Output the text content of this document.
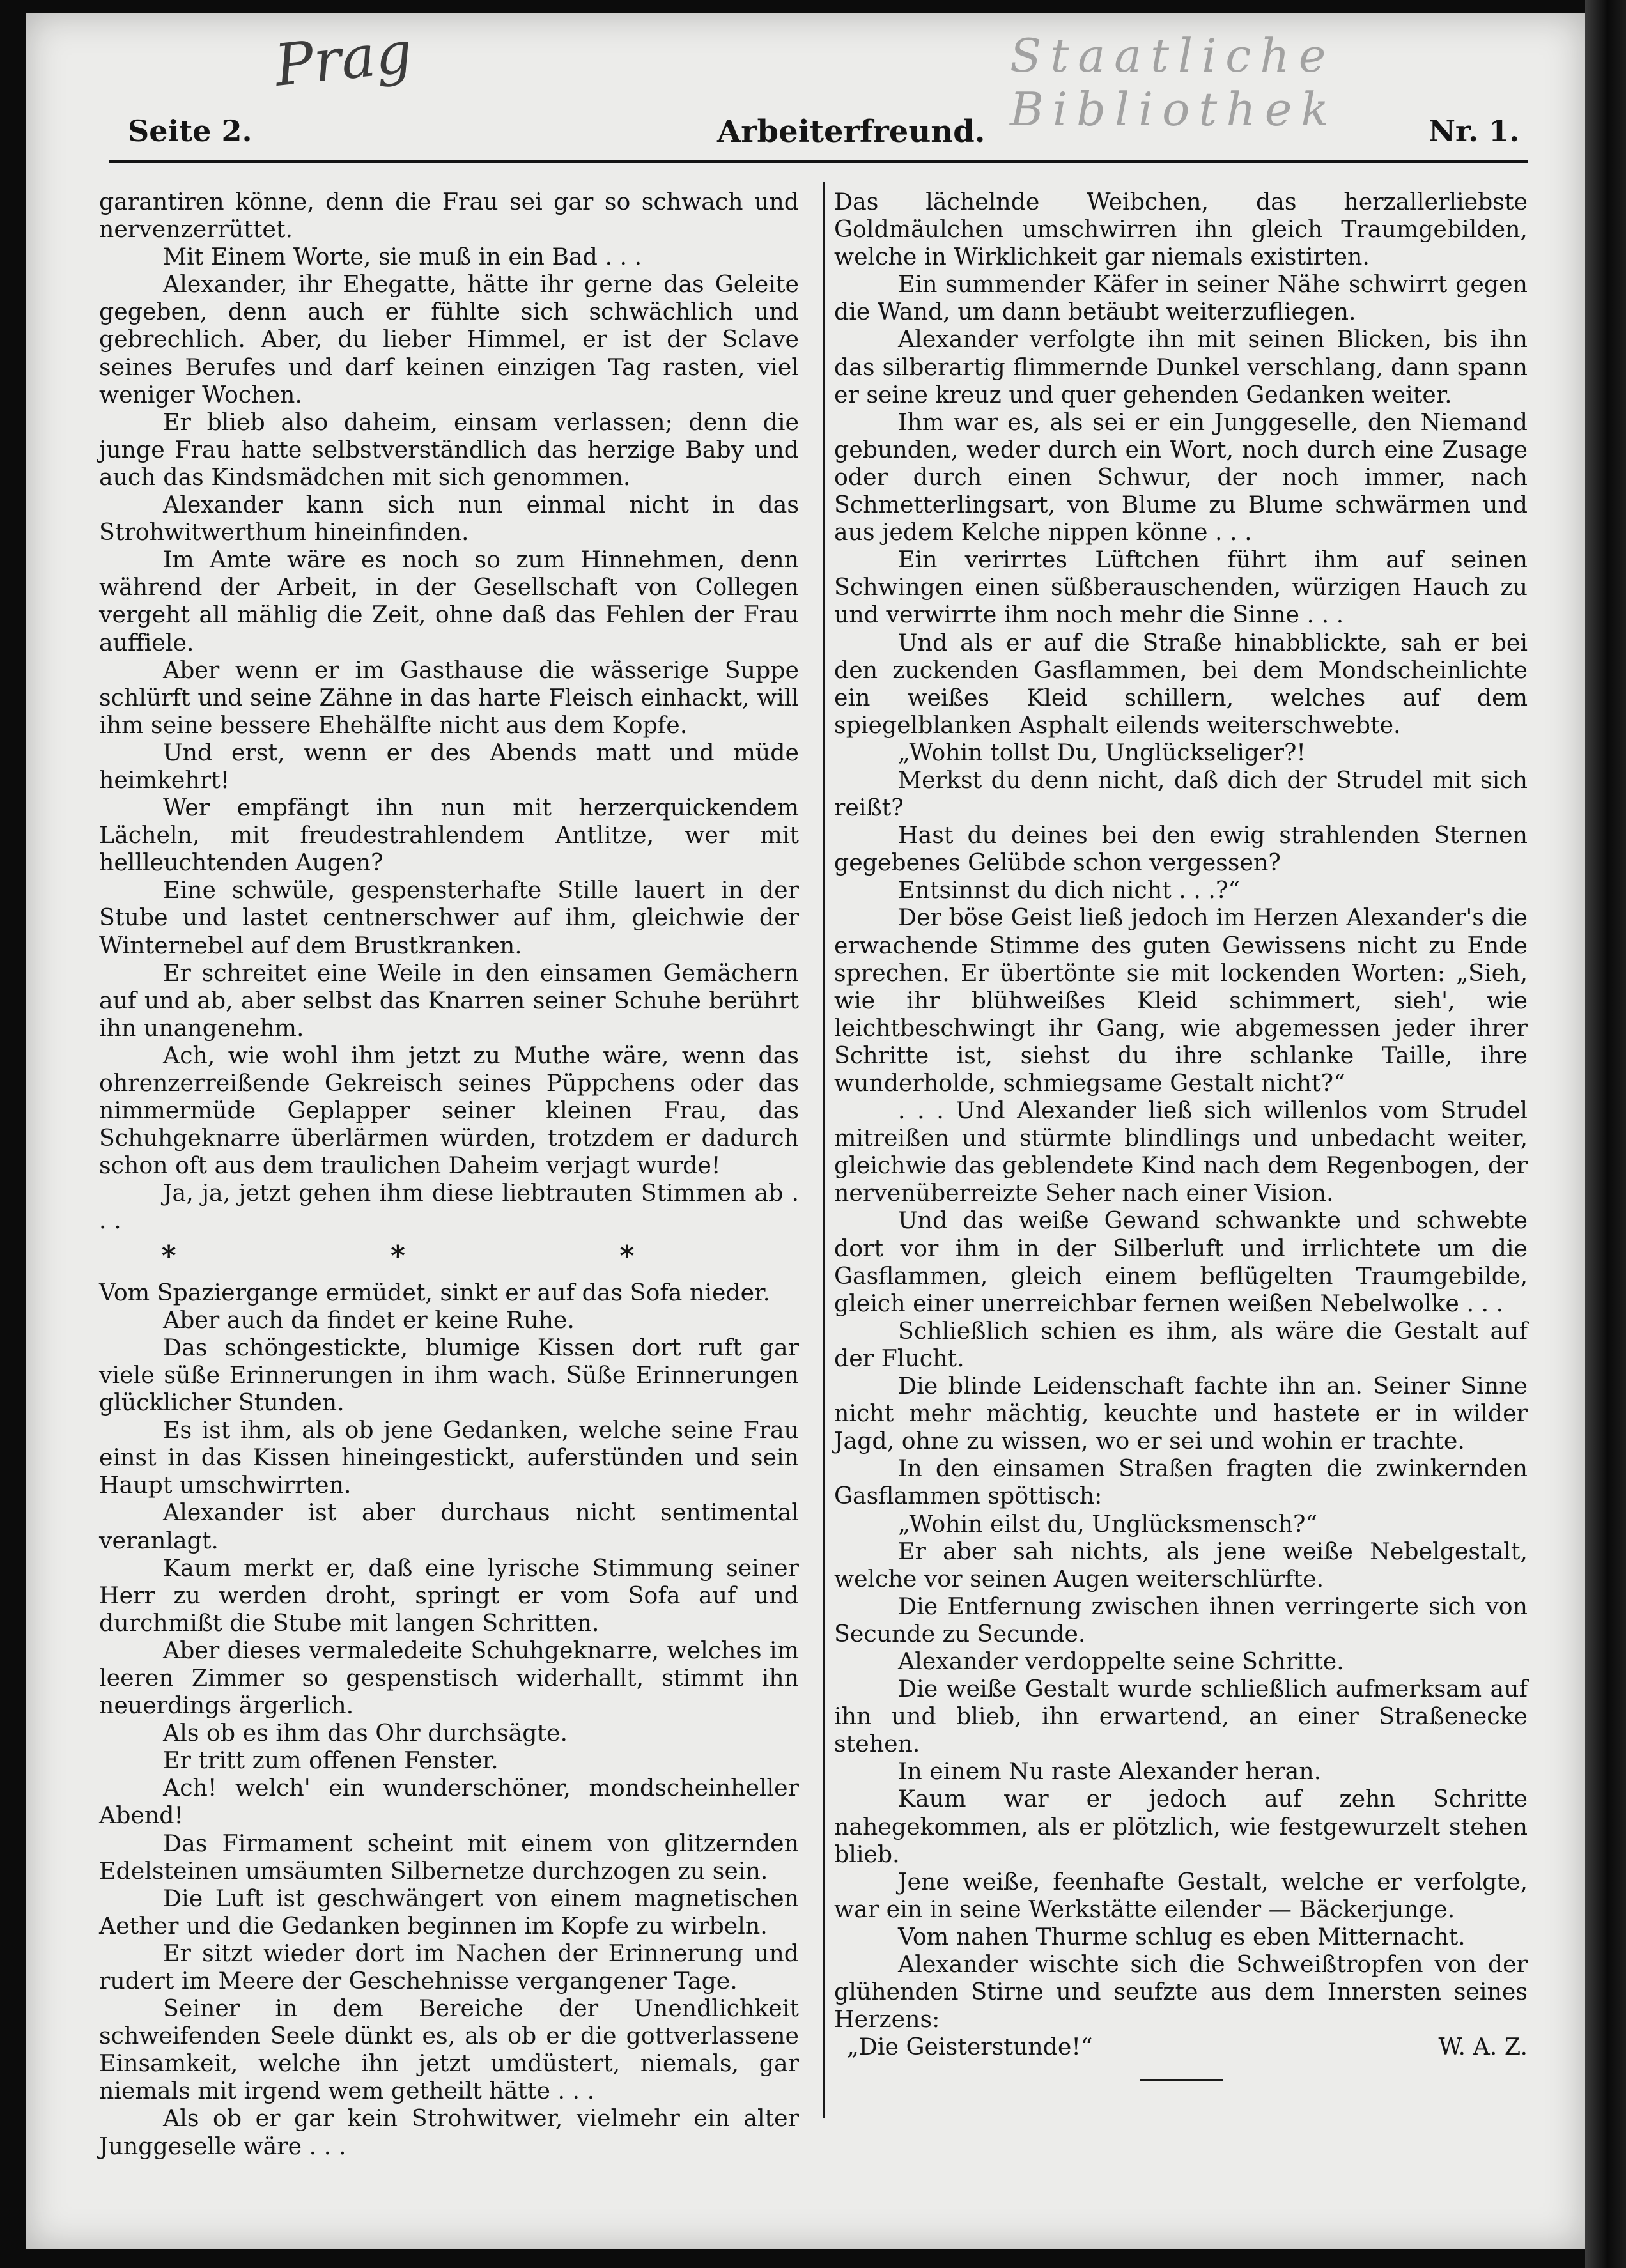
Prag	Staatliche Bibliothek
Seite 2.	Arbeiterfreund.	Nr. 1.

garantiren könne, denn die Frau sei gar so schwach und nervenzerrüttet.

Mit Einem Worte, sie muß in ein Bad . . .

Alexander, ihr Ehegatte, hätte ihr gerne das Geleite gegeben, denn auch er fühlte sich schwächlich und gebrechlich. Aber, du lieber Himmel, er ist der Sclave seines Berufes und darf keinen einzigen Tag rasten, viel weniger Wochen.

Er blieb also daheim, einsam verlassen; denn die junge Frau hatte selbstverständlich das herzige Baby und auch das Kindsmädchen mit sich genommen.

Alexander kann sich nun einmal nicht in das Strohwitwerthum hineinfinden.

Im Amte wäre es noch so zum Hinnehmen, denn während der Arbeit, in der Gesellschaft von Collegen vergeht all mählig die Zeit, ohne daß das Fehlen der Frau auffiele.

Aber wenn er im Gasthause die wässerige Suppe schlürft und seine Zähne in das harte Fleisch einhackt, will ihm seine bessere Ehehälfte nicht aus dem Kopfe.

Und erst, wenn er des Abends matt und müde heimkehrt!

Wer empfängt ihn nun mit herzerquickendem Lächeln, mit freudestrahlendem Antlitze, wer mit hellleuchtenden Augen?

Eine schwüle, gespensterhafte Stille lauert in der Stube und lastet centnerschwer auf ihm, gleichwie der Winternebel auf dem Brustkranken.

Er schreitet eine Weile in den einsamen Gemächern auf und ab, aber selbst das Knarren seiner Schuhe berührt ihn unangenehm.

Ach, wie wohl ihm jetzt zu Muthe wäre, wenn das ohrenzerreißende Gekreisch seines Püppchens oder das nimmermüde Geplapper seiner kleinen Frau, das Schuhgeknarre überlärmen würden, trotzdem er dadurch schon oft aus dem traulichen Daheim verjagt wurde!

Ja, ja, jetzt gehen ihm diese liebtrauten Stimmen ab . . .

* * *

Vom Spaziergange ermüdet, sinkt er auf das Sofa nieder.

Aber auch da findet er keine Ruhe.

Das schöngestickte, blumige Kissen dort ruft gar viele süße Erinnerungen in ihm wach. Süße Erinnerungen glücklicher Stunden.

Es ist ihm, als ob jene Gedanken, welche seine Frau einst in das Kissen hineingestickt, auferstünden und sein Haupt umschwirrten.

Alexander ist aber durchaus nicht sentimental veranlagt.

Kaum merkt er, daß eine lyrische Stimmung seiner Herr zu werden droht, springt er vom Sofa auf und durchmißt die Stube mit langen Schritten.

Aber dieses vermaledeite Schuhgeknarre, welches im leeren Zimmer so gespenstisch widerhallt, stimmt ihn neuerdings ärgerlich.

Als ob es ihm das Ohr durchsägte.

Er tritt zum offenen Fenster.

Ach! welch' ein wunderschöner, mondscheinheller Abend!

Das Firmament scheint mit einem von glitzernden Edelsteinen umsäumten Silbernetze durchzogen zu sein.

Die Luft ist geschwängert von einem magnetischen Aether und die Gedanken beginnen im Kopfe zu wirbeln.

Er sitzt wieder dort im Nachen der Erinnerung und rudert im Meere der Geschehnisse vergangener Tage.

Seiner in dem Bereiche der Unendlichkeit schweifenden Seele dünkt es, als ob er die gottverlassene Einsamkeit, welche ihn jetzt umdüstert, niemals, gar niemals mit irgend wem getheilt hätte . . .

Als ob er gar kein Strohwitwer, vielmehr ein alter Junggeselle wäre . . .

Das lächelnde Weibchen, das herzallerliebste Goldmäulchen umschwirren ihn gleich Traumgebilden, welche in Wirklichkeit gar niemals existirten.

Ein summender Käfer in seiner Nähe schwirrt gegen die Wand, um dann betäubt weiterzufliegen.

Alexander verfolgte ihn mit seinen Blicken, bis ihn das silberartig flimmernde Dunkel verschlang, dann spann er seine kreuz und quer gehenden Gedanken weiter.

Ihm war es, als sei er ein Junggeselle, den Niemand gebunden, weder durch ein Wort, noch durch eine Zusage oder durch einen Schwur, der noch immer, nach Schmetterlingsart, von Blume zu Blume schwärmen und aus jedem Kelche nippen könne . . .

Ein verirrtes Lüftchen führt ihm auf seinen Schwingen einen süßberauschenden, würzigen Hauch zu und verwirrte ihm noch mehr die Sinne . . .

Und als er auf die Straße hinabblickte, sah er bei den zuckenden Gasflammen, bei dem Mondscheinlichte ein weißes Kleid schillern, welches auf dem spiegelblanken Asphalt eilends weiterschwebte.

„Wohin tollst Du, Unglückseliger?!

Merkst du denn nicht, daß dich der Strudel mit sich reißt?

Hast du deines bei den ewig strahlenden Sternen gegebenes Gelübde schon vergessen?

Entsinnst du dich nicht . . .?“

Der böse Geist ließ jedoch im Herzen Alexander's die erwachende Stimme des guten Gewissens nicht zu Ende sprechen. Er übertönte sie mit lockenden Worten: „Sieh, wie ihr blühweißes Kleid schimmert, sieh', wie leichtbeschwingt ihr Gang, wie abgemessen jeder ihrer Schritte ist, siehst du ihre schlanke Taille, ihre wunderholde, schmiegsame Gestalt nicht?“

. . . Und Alexander ließ sich willenlos vom Strudel mitreißen und stürmte blindlings und unbedacht weiter, gleichwie das geblendete Kind nach dem Regenbogen, der nervenüberreizte Seher nach einer Vision.

Und das weiße Gewand schwankte und schwebte dort vor ihm in der Silberluft und irrlichtete um die Gasflammen, gleich einem beflügelten Traumgebilde, gleich einer unerreichbar fernen weißen Nebelwolke . . .

Schließlich schien es ihm, als wäre die Gestalt auf der Flucht.

Die blinde Leidenschaft fachte ihn an. Seiner Sinne nicht mehr mächtig, keuchte und hastete er in wilder Jagd, ohne zu wissen, wo er sei und wohin er trachte.

In den einsamen Straßen fragten die zwinkernden Gasflammen spöttisch:

„Wohin eilst du, Unglücksmensch?“

Er aber sah nichts, als jene weiße Nebelgestalt, welche vor seinen Augen weiterschlürfte.

Die Entfernung zwischen ihnen verringerte sich von Secunde zu Secunde.

Alexander verdoppelte seine Schritte.

Die weiße Gestalt wurde schließlich aufmerksam auf ihn und blieb, ihn erwartend, an einer Straßenecke stehen.

In einem Nu raste Alexander heran.

Kaum war er jedoch auf zehn Schritte nahegekommen, als er plötzlich, wie festgewurzelt stehen blieb.

Jene weiße, feenhafte Gestalt, welche er verfolgte, war ein in seine Werkstätte eilender — Bäckerjunge.

Vom nahen Thurme schlug es eben Mitternacht.

Alexander wischte sich die Schweißtropfen von der glühenden Stirne und seufzte aus dem Innersten seines Herzens:

„Die Geisterstunde!“	W. A. Z.
